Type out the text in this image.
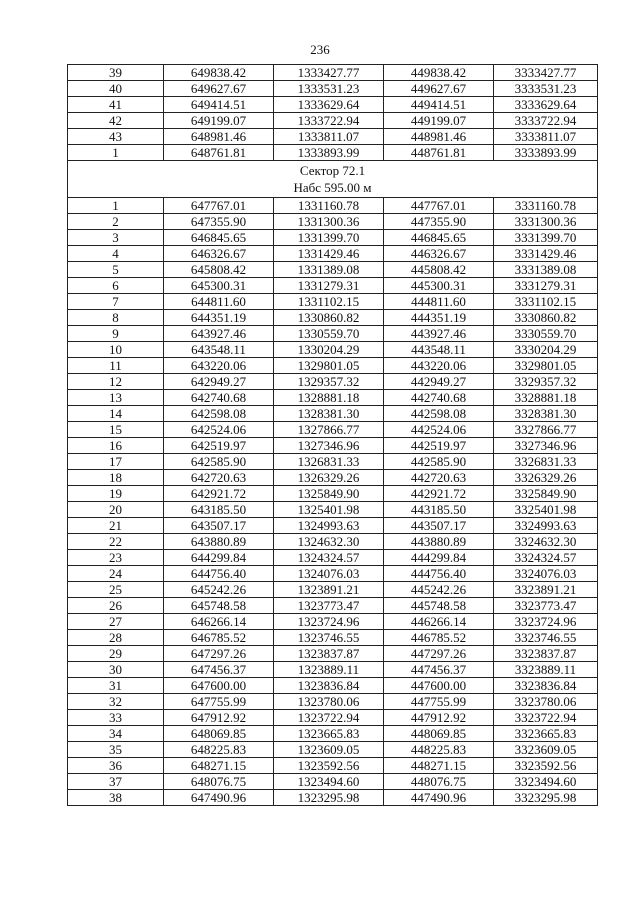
236
39	649838.42	1333427.77	449838.42	3333427.77
40	649627.67	1333531.23	449627.67	3333531.23
41	649414.51	1333629.64	449414.51	3333629.64
42	649199.07	1333722.94	449199.07	3333722.94
43	648981.46	1333811.07	448981.46	3333811.07
1	648761.81	1333893.99	448761.81	3333893.99

Сектор 72.1
Набс 595.00 м				

1	647767.01	1331160.78	447767.01	3331160.78
2	647355.90	1331300.36	447355.90	3331300.36
3	646845.65	1331399.70	446845.65	3331399.70
4	646326.67	1331429.46	446326.67	3331429.46
5	645808.42	1331389.08	445808.42	3331389.08
6	645300.31	1331279.31	445300.31	3331279.31
7	644811.60	1331102.15	444811.60	3331102.15
8	644351.19	1330860.82	444351.19	3330860.82
9	643927.46	1330559.70	443927.46	3330559.70
10	643548.11	1330204.29	443548.11	3330204.29
11	643220.06	1329801.05	443220.06	3329801.05
12	642949.27	1329357.32	442949.27	3329357.32
13	642740.68	1328881.18	442740.68	3328881.18
14	642598.08	1328381.30	442598.08	3328381.30
15	642524.06	1327866.77	442524.06	3327866.77
16	642519.97	1327346.96	442519.97	3327346.96
17	642585.90	1326831.33	442585.90	3326831.33
18	642720.63	1326329.26	442720.63	3326329.26
19	642921.72	1325849.90	442921.72	3325849.90
20	643185.50	1325401.98	443185.50	3325401.98
21	643507.17	1324993.63	443507.17	3324993.63
22	643880.89	1324632.30	443880.89	3324632.30
23	644299.84	1324324.57	444299.84	3324324.57
24	644756.40	1324076.03	444756.40	3324076.03
25	645242.26	1323891.21	445242.26	3323891.21
26	645748.58	1323773.47	445748.58	3323773.47
27	646266.14	1323724.96	446266.14	3323724.96
28	646785.52	1323746.55	446785.52	3323746.55
29	647297.26	1323837.87	447297.26	3323837.87
30	647456.37	1323889.11	447456.37	3323889.11
31	647600.00	1323836.84	447600.00	3323836.84
32	647755.99	1323780.06	447755.99	3323780.06
33	647912.92	1323722.94	447912.92	3323722.94
34	648069.85	1323665.83	448069.85	3323665.83
35	648225.83	1323609.05	448225.83	3323609.05
36	648271.15	1323592.56	448271.15	3323592.56
37	648076.75	1323494.60	448076.75	3323494.60
38	647490.96	1323295.98	447490.96	3323295.98
